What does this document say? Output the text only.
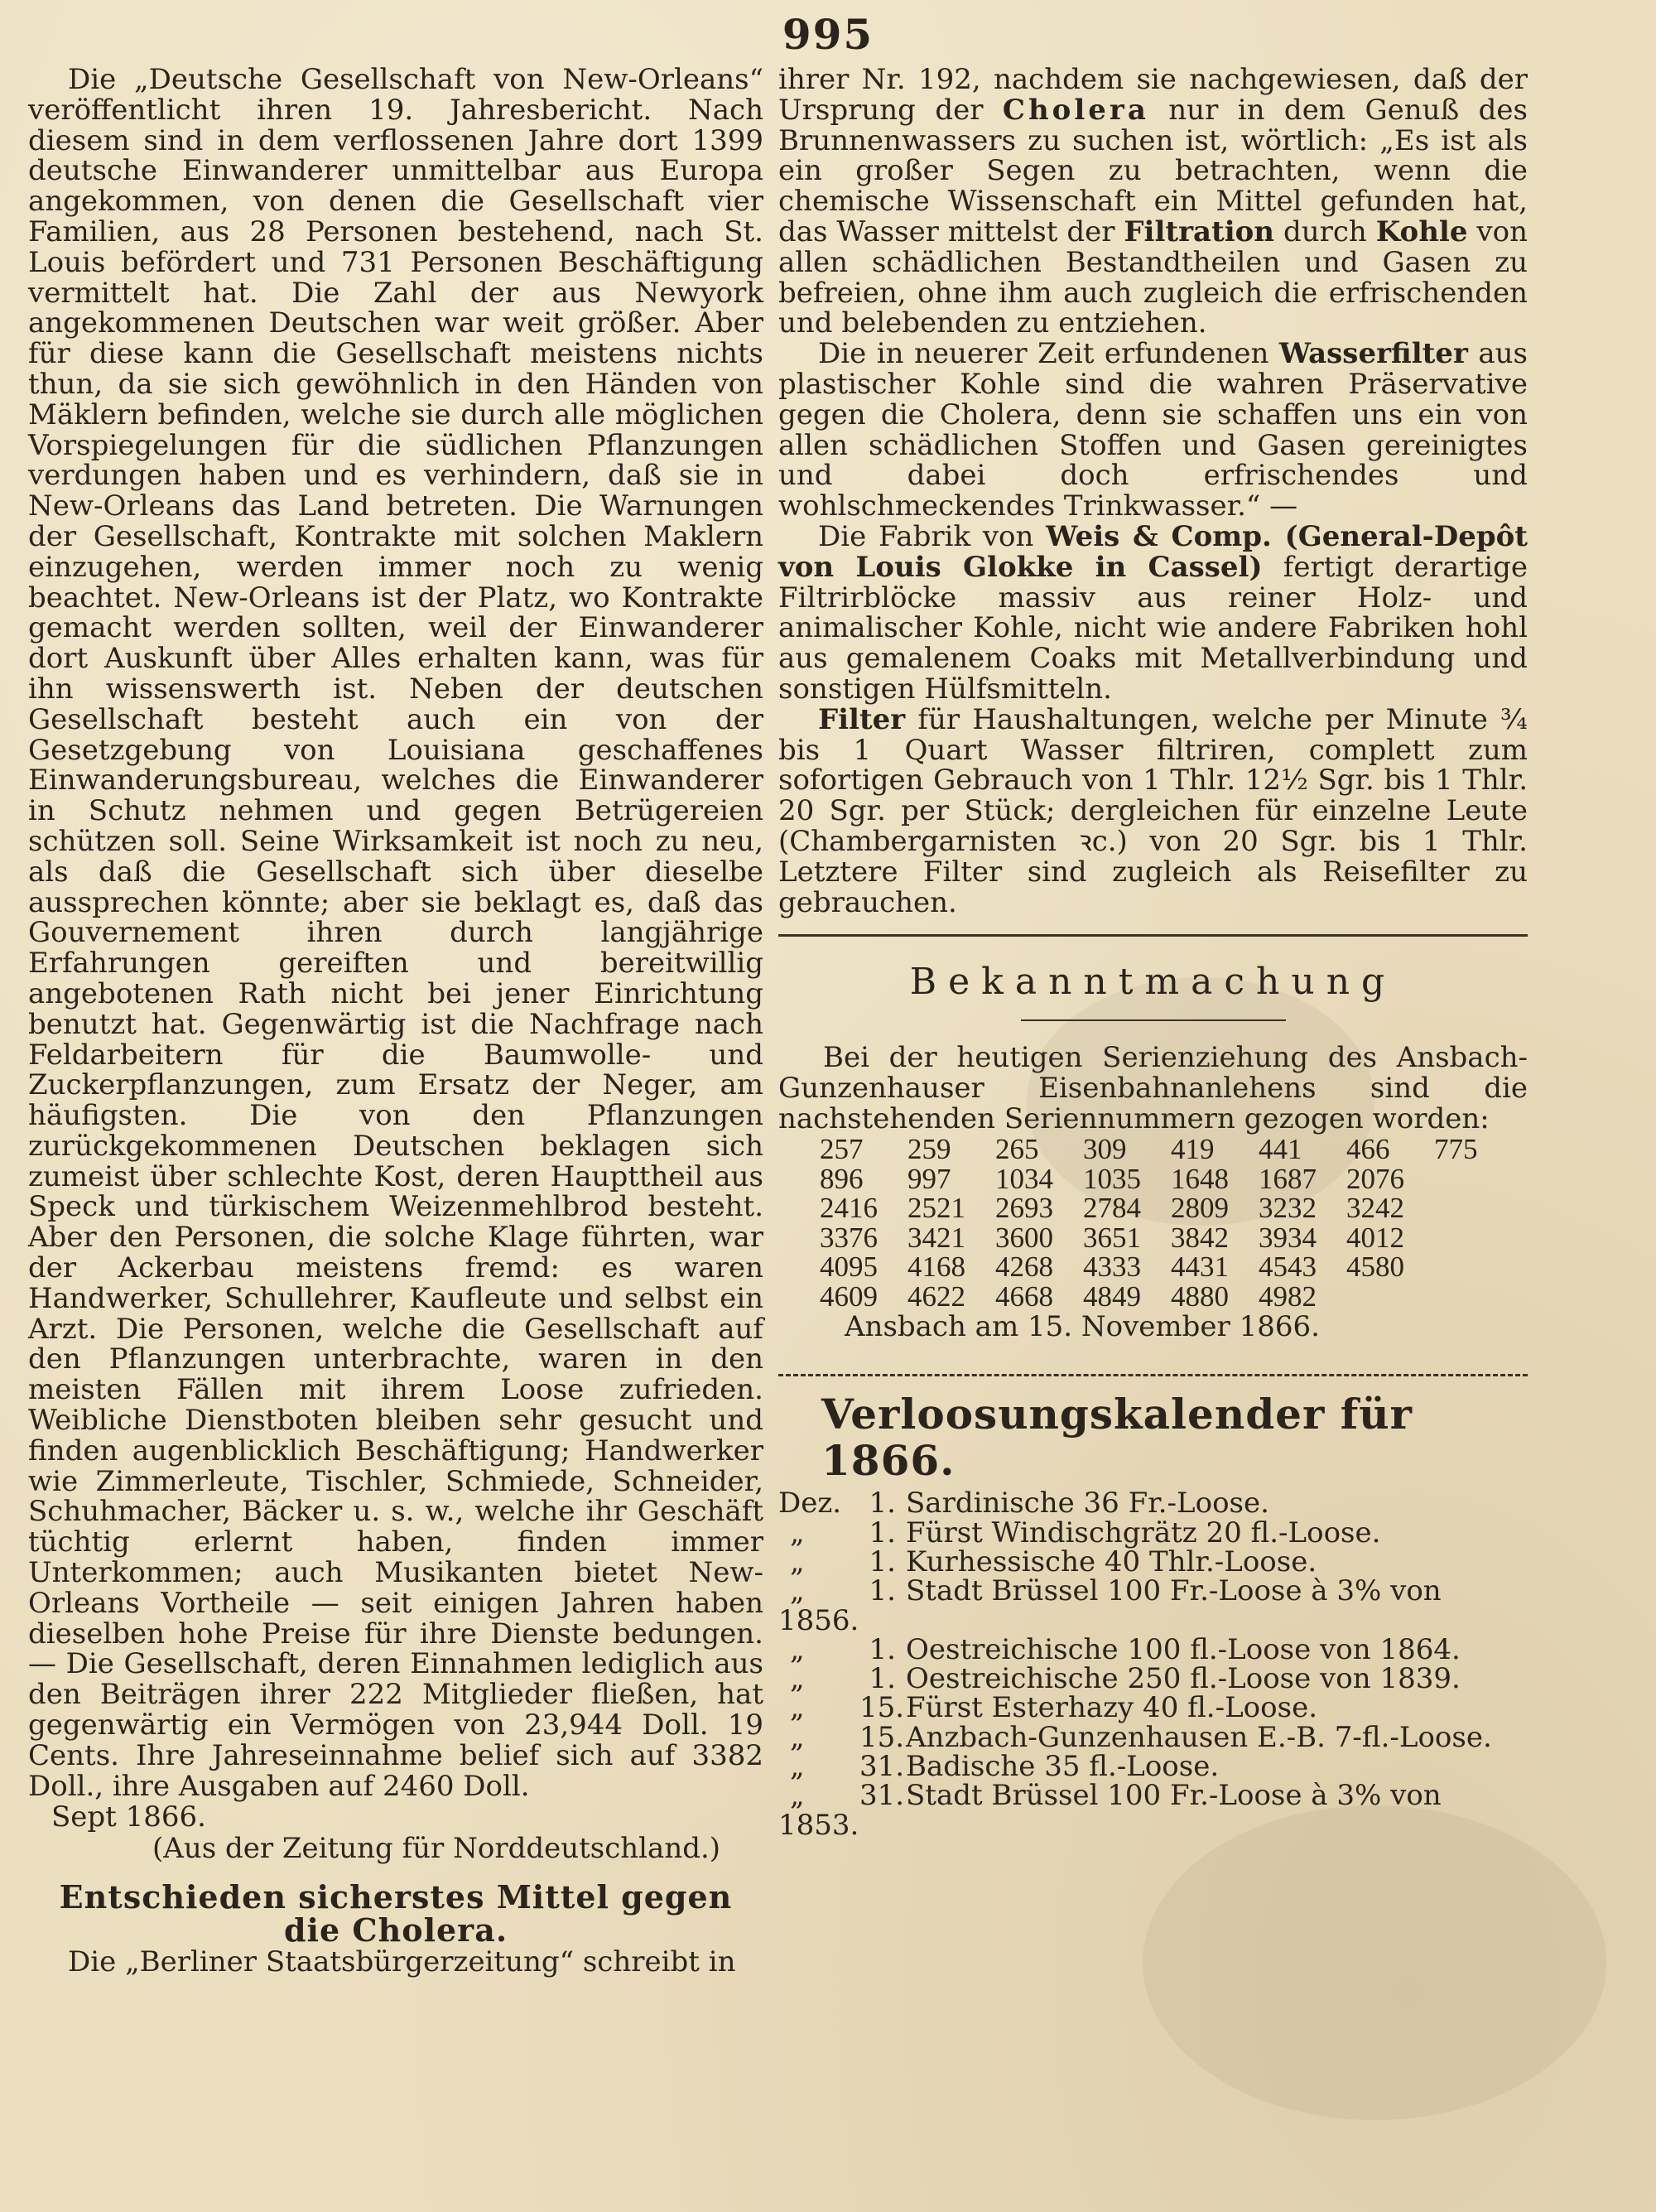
995

Die „Deutsche Gesellschaft von New-Orleans“ veröffentlicht ihren 19. Jahresbericht. Nach diesem sind in dem verflossenen Jahre dort 1399 deutsche Einwanderer unmittelbar aus Europa angekommen, von denen die Gesellschaft vier Familien, aus 28 Personen bestehend, nach St. Louis befördert und 731 Personen Beschäftigung vermittelt hat. Die Zahl der aus Newyork angekommenen Deutschen war weit größer. Aber für diese kann die Gesellschaft meistens nichts thun, da sie sich gewöhnlich in den Händen von Mäklern befinden, welche sie durch alle möglichen Vorspiegelungen für die südlichen Pflanzungen verdungen haben und es verhindern, daß sie in New-Orleans das Land betreten. Die Warnungen der Gesellschaft, Kontrakte mit solchen Maklern einzugehen, werden immer noch zu wenig beachtet. New-Orleans ist der Platz, wo Kontrakte gemacht werden sollten, weil der Einwanderer dort Auskunft über Alles erhalten kann, was für ihn wissenswerth ist. Neben der deutschen Gesellschaft besteht auch ein von der Gesetzgebung von Louisiana geschaffenes Einwanderungsbureau, welches die Einwanderer in Schutz nehmen und gegen Betrügereien schützen soll. Seine Wirksamkeit ist noch zu neu, als daß die Gesellschaft sich über dieselbe aussprechen könnte; aber sie beklagt es, daß das Gouvernement ihren durch langjährige Erfahrungen gereiften und bereitwillig angebotenen Rath nicht bei jener Einrichtung benutzt hat. Gegenwärtig ist die Nachfrage nach Feldarbeitern für die Baumwolle- und Zuckerpflanzungen, zum Ersatz der Neger, am häufigsten. Die von den Pflanzungen zurückgekommenen Deutschen beklagen sich zumeist über schlechte Kost, deren Haupttheil aus Speck und türkischem Weizenmehlbrod besteht. Aber den Personen, die solche Klage führten, war der Ackerbau meistens fremd: es waren Handwerker, Schullehrer, Kaufleute und selbst ein Arzt. Die Personen, welche die Gesellschaft auf den Pflanzungen unterbrachte, waren in den meisten Fällen mit ihrem Loose zufrieden. Weibliche Dienstboten bleiben sehr gesucht und finden augenblicklich Beschäftigung; Handwerker wie Zimmerleute, Tischler, Schmiede, Schneider, Schuhmacher, Bäcker u. s. w., welche ihr Geschäft tüchtig erlernt haben, finden immer Unterkommen; auch Musikanten bietet New-Orleans Vortheile — seit einigen Jahren haben dieselben hohe Preise für ihre Dienste bedungen. — Die Gesellschaft, deren Einnahmen lediglich aus den Beiträgen ihrer 222 Mitglieder fließen, hat gegenwärtig ein Vermögen von 23,944 Doll. 19 Cents. Ihre Jahreseinnahme belief sich auf 3382 Doll., ihre Ausgaben auf 2460 Doll.

Sept 1866.
(Aus der Zeitung für Norddeutschland.)
Entschieden sicherstes Mittel gegen die Cholera.

Die „Berliner Staatsbürgerzeitung“ schreibt in

ihrer Nr. 192, nachdem sie nachgewiesen, daß der Ursprung der Cholera nur in dem Genuß des Brunnenwassers zu suchen ist, wörtlich: „Es ist als ein großer Segen zu betrachten, wenn die chemische Wissenschaft ein Mittel gefunden hat, das Wasser mittelst der Filtration durch Kohle von allen schädlichen Bestandtheilen und Gasen zu befreien, ohne ihm auch zugleich die erfrischenden und belebenden zu entziehen.

Die in neuerer Zeit erfundenen Wasserfilter aus plastischer Kohle sind die wahren Präservative gegen die Cholera, denn sie schaffen uns ein von allen schädlichen Stoffen und Gasen gereinigtes und dabei doch erfrischendes und wohlschmeckendes Trinkwasser.“ —

Die Fabrik von Weis & Comp. (General-Depôt von Louis Glokke in Cassel) fertigt derartige Filtrirblöcke massiv aus reiner Holz- und animalischer Kohle, nicht wie andere Fabriken hohl aus gemalenem Coaks mit Metallverbindung und sonstigen Hülfsmitteln.

Filter für Haushaltungen, welche per Minute ¾ bis 1 Quart Wasser filtriren, complett zum sofortigen Gebrauch von 1 Thlr. 12½ Sgr. bis 1 Thlr. 20 Sgr. per Stück; dergleichen für einzelne Leute (Chambergarnisten ꝛc.) von 20 Sgr. bis 1 Thlr. Letztere Filter sind zugleich als Reisefilter zu gebrauchen.

Bekanntmachung

Bei der heutigen Serienziehung des Ansbach-Gunzenhauser Eisenbahnanlehens sind die nachstehenden Seriennummern gezogen worden:

257	259	265	309	419	441	466	775
896	997	1034	1035	1648	1687	2076	
2416	2521	2693	2784	2809	3232	3242	
3376	3421	3600	3651	3842	3934	4012	
4095	4168	4268	4333	4431	4543	4580	
4609	4622	4668	4849	4880	4982		
Ansbach am 15. November 1866.
Verloosungskalender für 1866.
Dez. 1. Sardinische 36 Fr.-Loose.
„ 1. Fürst Windischgrätz 20 fl.-Loose.
„ 1. Kurhessische 40 Thlr.-Loose.
„ 1. Stadt Brüssel 100 Fr.-Loose à 3% von 1856.
„ 1. Oestreichische 100 fl.-Loose von 1864.
„ 1. Oestreichische 250 fl.-Loose von 1839.
„ 15.Fürst Esterhazy 40 fl.-Loose.
„ 15.Anzbach-Gunzenhausen E.-B. 7-fl.-Loose.
„ 31.Badische 35 fl.-Loose.
„ 31.Stadt Brüssel 100 Fr.-Loose à 3% von 1853.
